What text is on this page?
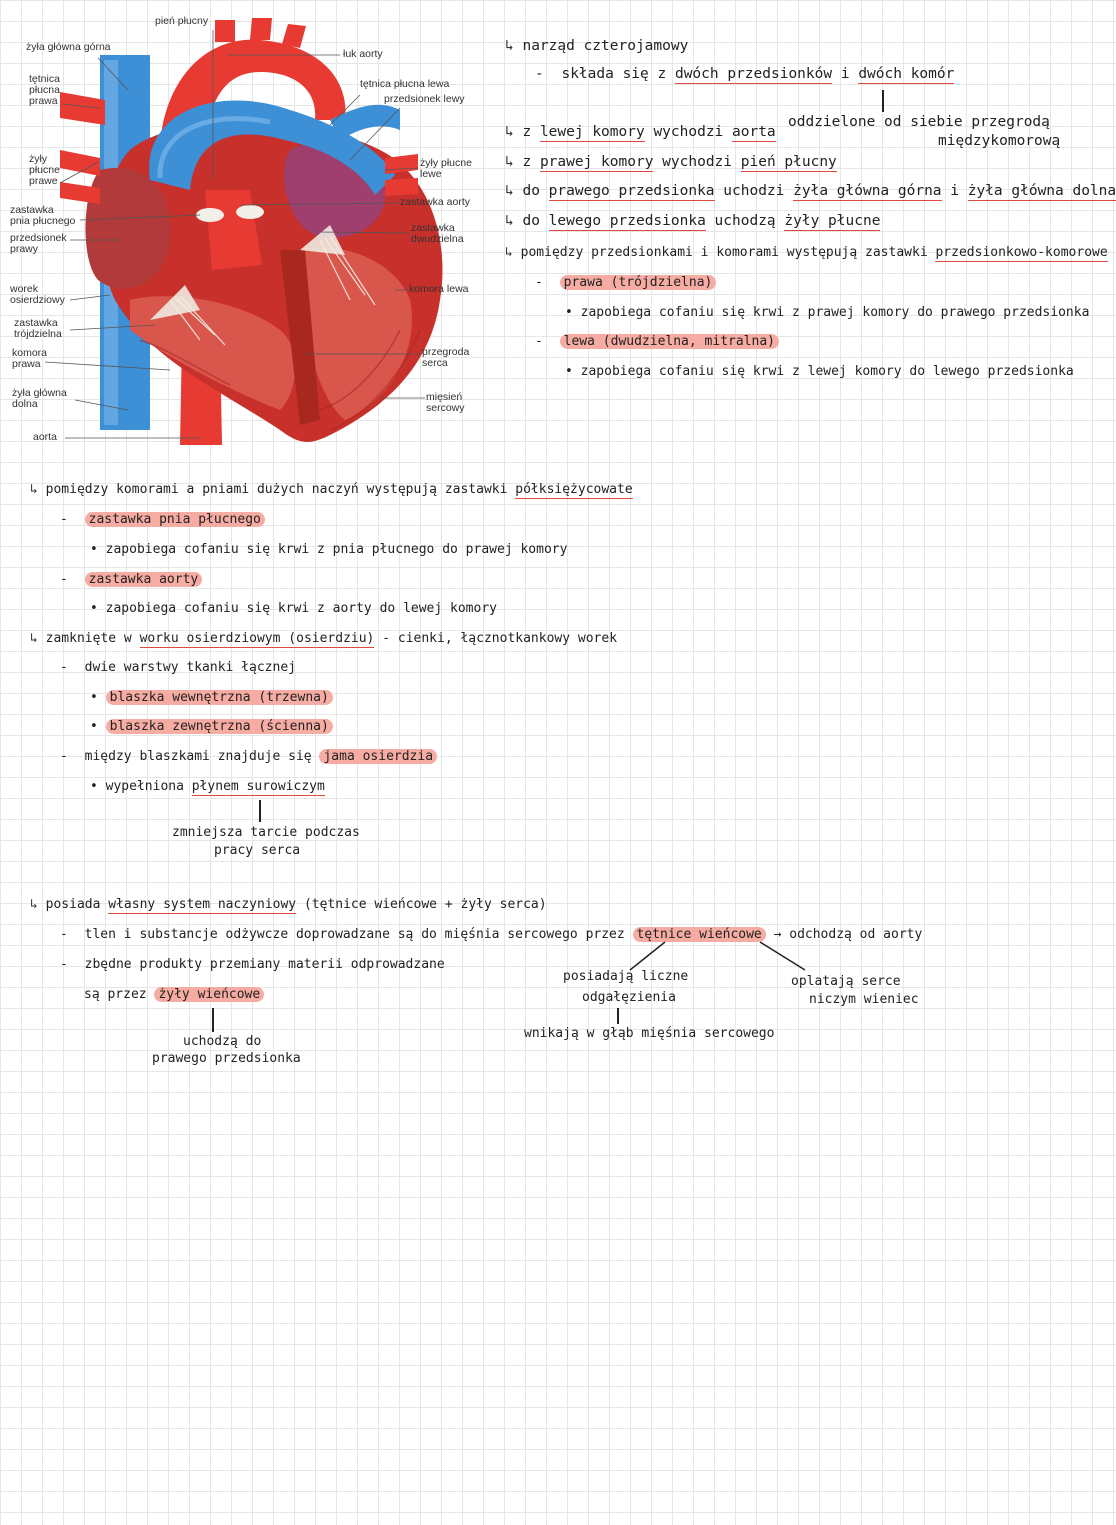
pień płucny
żyła główna górna
łuk aorty
tętnica
płucna
prawa
tętnica płucna lewa
przedsionek lewy
żyły
płucne
prawe
żyły płucne
lewe
zastawka aorty
zastawka
pnia płucnego
zastawka
dwudzielna
przedsionek
prawy
worek
osierdziowy
komora lewa
zastawka
trójdzielna
przegroda
serca
komora
prawa
żyła główna
dolna
mięsień
sercowy
aorta
↳ narząd czterojamowy
- składa się z dwóch przedsionków i dwóch komór
oddzielone od siebie przegrodą
międzykomorową
↳ z lewej komory wychodzi aorta
↳ z prawej komory wychodzi pień płucny
↳ do prawego przedsionka uchodzi żyła główna górna i żyła główna dolna
↳ do lewego przedsionka uchodzą żyły płucne
↳ pomiędzy przedsionkami i komorami występują zastawki przedsionkowo-komorowe
- prawa (trójdzielna)
• zapobiega cofaniu się krwi z prawej komory do prawego przedsionka
- lewa (dwudzielna, mitralna)
• zapobiega cofaniu się krwi z lewej komory do lewego przedsionka
↳ pomiędzy komorami a pniami dużych naczyń występują zastawki półksiężycowate
- zastawka pnia płucnego
• zapobiega cofaniu się krwi z pnia płucnego do prawej komory
- zastawka aorty
• zapobiega cofaniu się krwi z aorty do lewej komory
↳ zamknięte w worku osierdziowym (osierdziu) - cienki, łącznotkankowy worek
- dwie warstwy tkanki łącznej
• blaszka wewnętrzna (trzewna)
• blaszka zewnętrzna (ścienna)
- między blaszkami znajduje się jama osierdzia
• wypełniona płynem surowiczym
zmniejsza tarcie podczas
pracy serca
↳ posiada własny system naczyniowy (tętnice wieńcowe + żyły serca)
- tlen i substancje odżywcze doprowadzane są do mięśnia sercowego przez tętnice wieńcowe → odchodzą od aorty
- zbędne produkty przemiany materii odprowadzane
są przez żyły wieńcowe
posiadają liczne
odgałęzienia
wnikają w głąb mięśnia sercowego
oplatają serce
niczym wieniec
uchodzą do
prawego przedsionka
